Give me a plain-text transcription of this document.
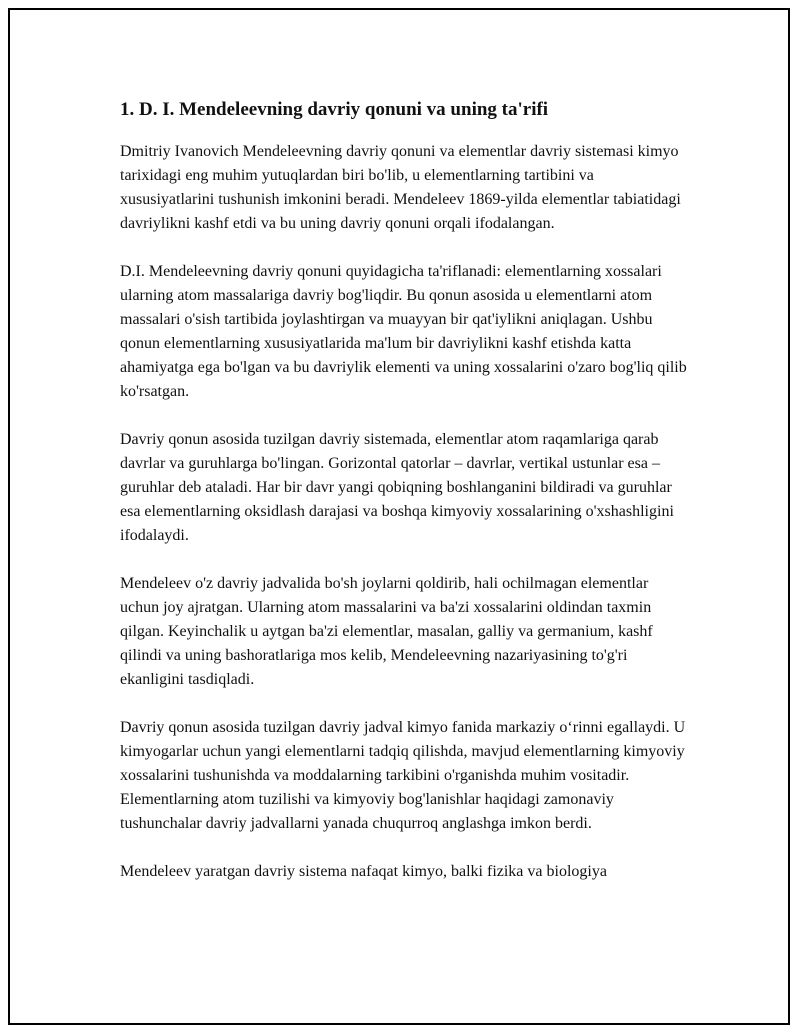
1. D. I. Mendeleevning davriy qonuni va uning ta'rifi

Dmitriy Ivanovich Mendeleevning davriy qonuni va elementlar davriy sistemasi kimyo tarixidagi eng muhim yutuqlardan biri bo'lib, u elementlarning tartibini va xususiyatlarini tushunish imkonini beradi. Mendeleev 1869-yilda elementlar tabiatidagi davriylikni kashf etdi va bu uning davriy qonuni orqali ifodalangan.

D.I. Mendeleevning davriy qonuni quyidagicha ta'riflanadi: elementlarning xossalari ularning atom massalariga davriy bog'liqdir. Bu qonun asosida u elementlarni atom massalari o'sish tartibida joylashtirgan va muayyan bir qat'iylikni aniqlagan. Ushbu qonun elementlarning xususiyatlarida ma'lum bir davriylikni kashf etishda katta ahamiyatga ega bo'lgan va bu davriylik elementi va uning xossalarini o'zaro bog'liq qilib ko'rsatgan.

Davriy qonun asosida tuzilgan davriy sistemada, elementlar atom raqamlariga qarab davrlar va guruhlarga bo'lingan. Gorizontal qatorlar – davrlar, vertikal ustunlar esa – guruhlar deb ataladi. Har bir davr yangi qobiqning boshlanganini bildiradi va guruhlar esa elementlarning oksidlash darajasi va boshqa kimyoviy xossalarining o'xshashligini ifodalaydi.

Mendeleev o'z davriy jadvalida bo'sh joylarni qoldirib, hali ochilmagan elementlar uchun joy ajratgan. Ularning atom massalarini va ba'zi xossalarini oldindan taxmin qilgan. Keyinchalik u aytgan ba'zi elementlar, masalan, galliy va germanium, kashf qilindi va uning bashoratlariga mos kelib, Mendeleevning nazariyasining to'g'ri ekanligini tasdiqladi.

Davriy qonun asosida tuzilgan davriy jadval kimyo fanida markaziy o‘rinni egallaydi. U kimyogarlar uchun yangi elementlarni tadqiq qilishda, mavjud elementlarning kimyoviy xossalarini tushunishda va moddalarning tarkibini o'rganishda muhim vositadir. Elementlarning atom tuzilishi va kimyoviy bog'lanishlar haqidagi zamonaviy tushunchalar davriy jadvallarni yanada chuqurroq anglashga imkon berdi.

Mendeleev yaratgan davriy sistema nafaqat kimyo, balki fizika va biologiya
